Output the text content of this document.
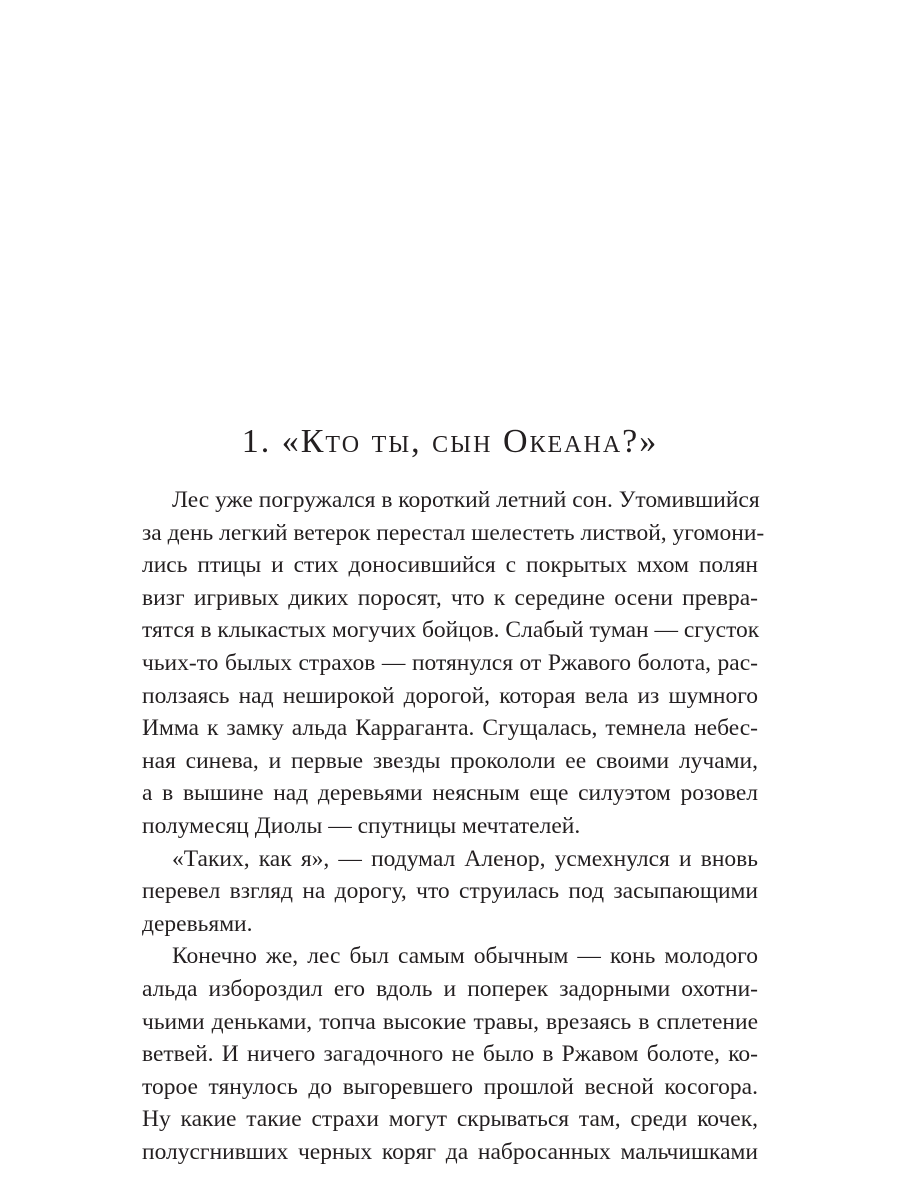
1. «Кто ты, сын Океана?»
Лес уже погружался в короткий летний сон. Утомившийся
за день легкий ветерок перестал шелестеть листвой, угомони-
лись птицы и стих доносившийся с покрытых мхом полян
визг игривых диких поросят, что к середине осени превра-
тятся в клыкастых могучих бойцов. Слабый туман — сгусток
чьих-то былых страхов — потянулся от Ржавого болота, рас-
ползаясь над неширокой дорогой, которая вела из шумного
Имма к замку альда Каррaганта. Сгущалась, темнела небес-
ная синева, и первые звезды прокололи ее своими лучами,
а в вышине над деревьями неясным еще силуэтом розовел
полумесяц Диолы — спутницы мечтателей.
«Таких, как я», — подумал Аленор, усмехнулся и вновь
перевел взгляд на дорогу, что струилась под засыпающими
деревьями.
Конечно же, лес был самым обычным — конь молодого
альда избороздил его вдоль и поперек задорными охотни-
чьими деньками, топча высокие травы, врезаясь в сплетение
ветвей. И ничего загадочного не было в Ржавом болоте, ко-
торое тянулось до выгоревшего прошлой весной косогора.
Ну какие такие страхи могут скрываться там, среди кочек,
полусгнивших черных коряг да набросанных мальчишками
